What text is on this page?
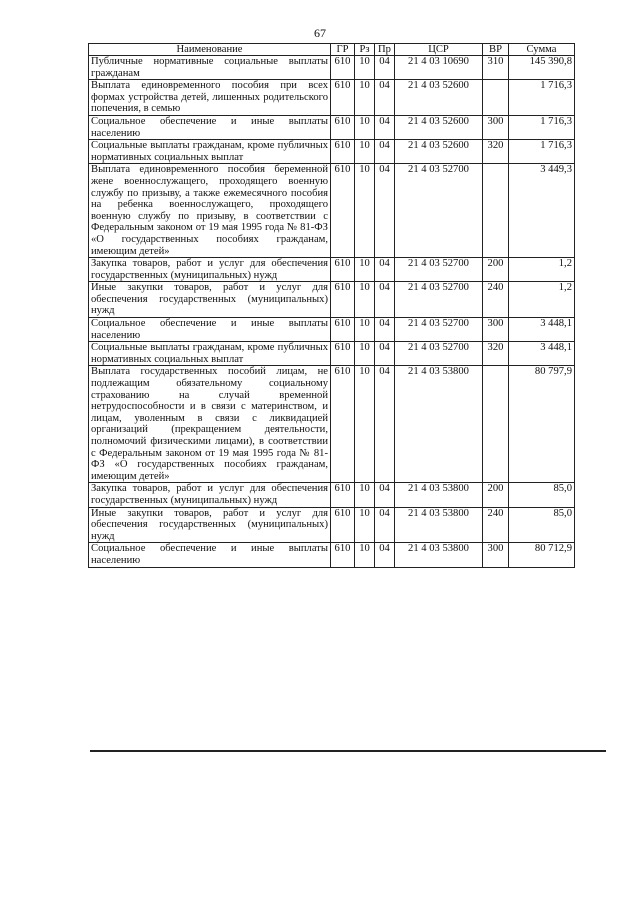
67
Наименование	ГР	Рз	Пр	ЦСР	ВР	Сумма
Публичные нормативные социальные выплаты гражданам	610	10	04	21 4 03 10690	310	145 390,8
Выплата единовременного пособия при всех формах устройства детей, лишенных родительского попечения, в семью	610	10	04	21 4 03 52600		1 716,3
Социальное обеспечение и иные выплаты населению	610	10	04	21 4 03 52600	300	1 716,3
Социальные выплаты гражданам, кроме публичных нормативных социальных выплат	610	10	04	21 4 03 52600	320	1 716,3
Выплата единовременного пособия беременной жене военнослужащего, проходящего военную службу по призыву, а также ежемесячного пособия на ребенка военнослужащего, проходящего военную службу по призыву, в соответствии с Федеральным законом от 19 мая 1995 года № 81-ФЗ «О государственных пособиях гражданам, имеющим детей»	610	10	04	21 4 03 52700		3 449,3
Закупка товаров, работ и услуг для обеспечения государственных (муниципальных) нужд	610	10	04	21 4 03 52700	200	1,2
Иные закупки товаров, работ и услуг для обеспечения государственных (муниципальных) нужд	610	10	04	21 4 03 52700	240	1,2
Социальное обеспечение и иные выплаты населению	610	10	04	21 4 03 52700	300	3 448,1
Социальные выплаты гражданам, кроме публичных нормативных социальных выплат	610	10	04	21 4 03 52700	320	3 448,1
Выплата государственных пособий лицам, не подлежащим обязательному социальному страхованию на случай временной нетрудоспособности и в связи с материнством, и лицам, уволенным в связи с ликвидацией организаций (прекращением деятельности, полномочий физическими лицами), в соответствии с Федеральным законом от 19 мая 1995 года № 81-ФЗ «О государственных пособиях гражданам, имеющим детей»	610	10	04	21 4 03 53800		80 797,9
Закупка товаров, работ и услуг для обеспечения государственных (муниципальных) нужд	610	10	04	21 4 03 53800	200	85,0
Иные закупки товаров, работ и услуг для обеспечения государственных (муниципальных) нужд	610	10	04	21 4 03 53800	240	85,0
Социальное обеспечение и иные выплаты населению	610	10	04	21 4 03 53800	300	80 712,9
